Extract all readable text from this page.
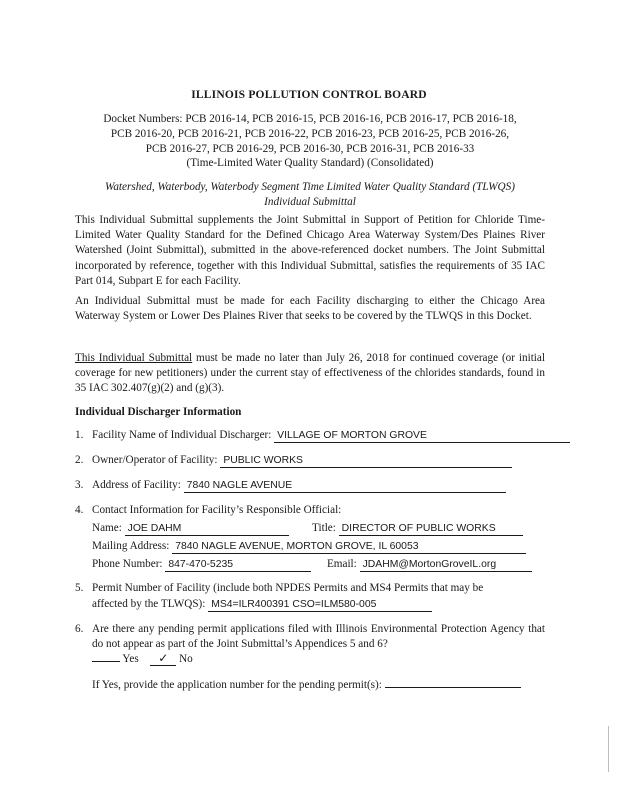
ILLINOIS POLLUTION CONTROL BOARD
Docket Numbers: PCB 2016-14, PCB 2016-15, PCB 2016-16, PCB 2016-17, PCB 2016-18,
PCB 2016-20, PCB 2016-21, PCB 2016-22, PCB 2016-23, PCB 2016-25, PCB 2016-26,
PCB 2016-27, PCB 2016-29, PCB 2016-30, PCB 2016-31, PCB 2016-33
(Time-Limited Water Quality Standard) (Consolidated)
Watershed, Waterbody, Waterbody Segment Time Limited Water Quality Standard (TLWQS)
Individual Submittal
This Individual Submittal supplements the Joint Submittal in Support of Petition for Chloride Time-Limited Water Quality Standard for the Defined Chicago Area Waterway System/Des Plaines River Watershed (Joint Submittal), submitted in the above-referenced docket numbers. The Joint Submittal incorporated by reference, together with this Individual Submittal, satisfies the requirements of 35 IAC Part 014, Subpart E for each Facility.
An Individual Submittal must be made for each Facility discharging to either the Chicago Area Waterway System or Lower Des Plaines River that seeks to be covered by the TLWQS in this Docket.
This Individual Submittal must be made no later than July 26, 2018 for continued coverage (or initial coverage for new petitioners) under the current stay of effectiveness of the chlorides standards, found in 35 IAC 302.407(g)(2) and (g)(3).
Individual Discharger Information
1. Facility Name of Individual Discharger: VILLAGE OF MORTON GROVE
2. Owner/Operator of Facility: PUBLIC WORKS
3. Address of Facility: 7840 NAGLE AVENUE
4. Contact Information for Facility’s Responsible Official:
Name: JOE DAHM	Title: DIRECTOR OF PUBLIC WORKS
Mailing Address: 7840 NAGLE AVENUE, MORTON GROVE, IL 60053
Phone Number: 847-470-5235	Email: JDAHM@MortonGroveIL.org
5. Permit Number of Facility (include both NPDES Permits and MS4 Permits that may be
affected by the TLWQS): MS4=ILR400391 CSO=ILM580-005
6. Are there any pending permit applications filed with Illinois Environmental Protection Agency that do not appear as part of the Joint Submittal’s Appendices 5 and 6?
Yes ✓ No
If Yes, provide the application number for the pending permit(s):
